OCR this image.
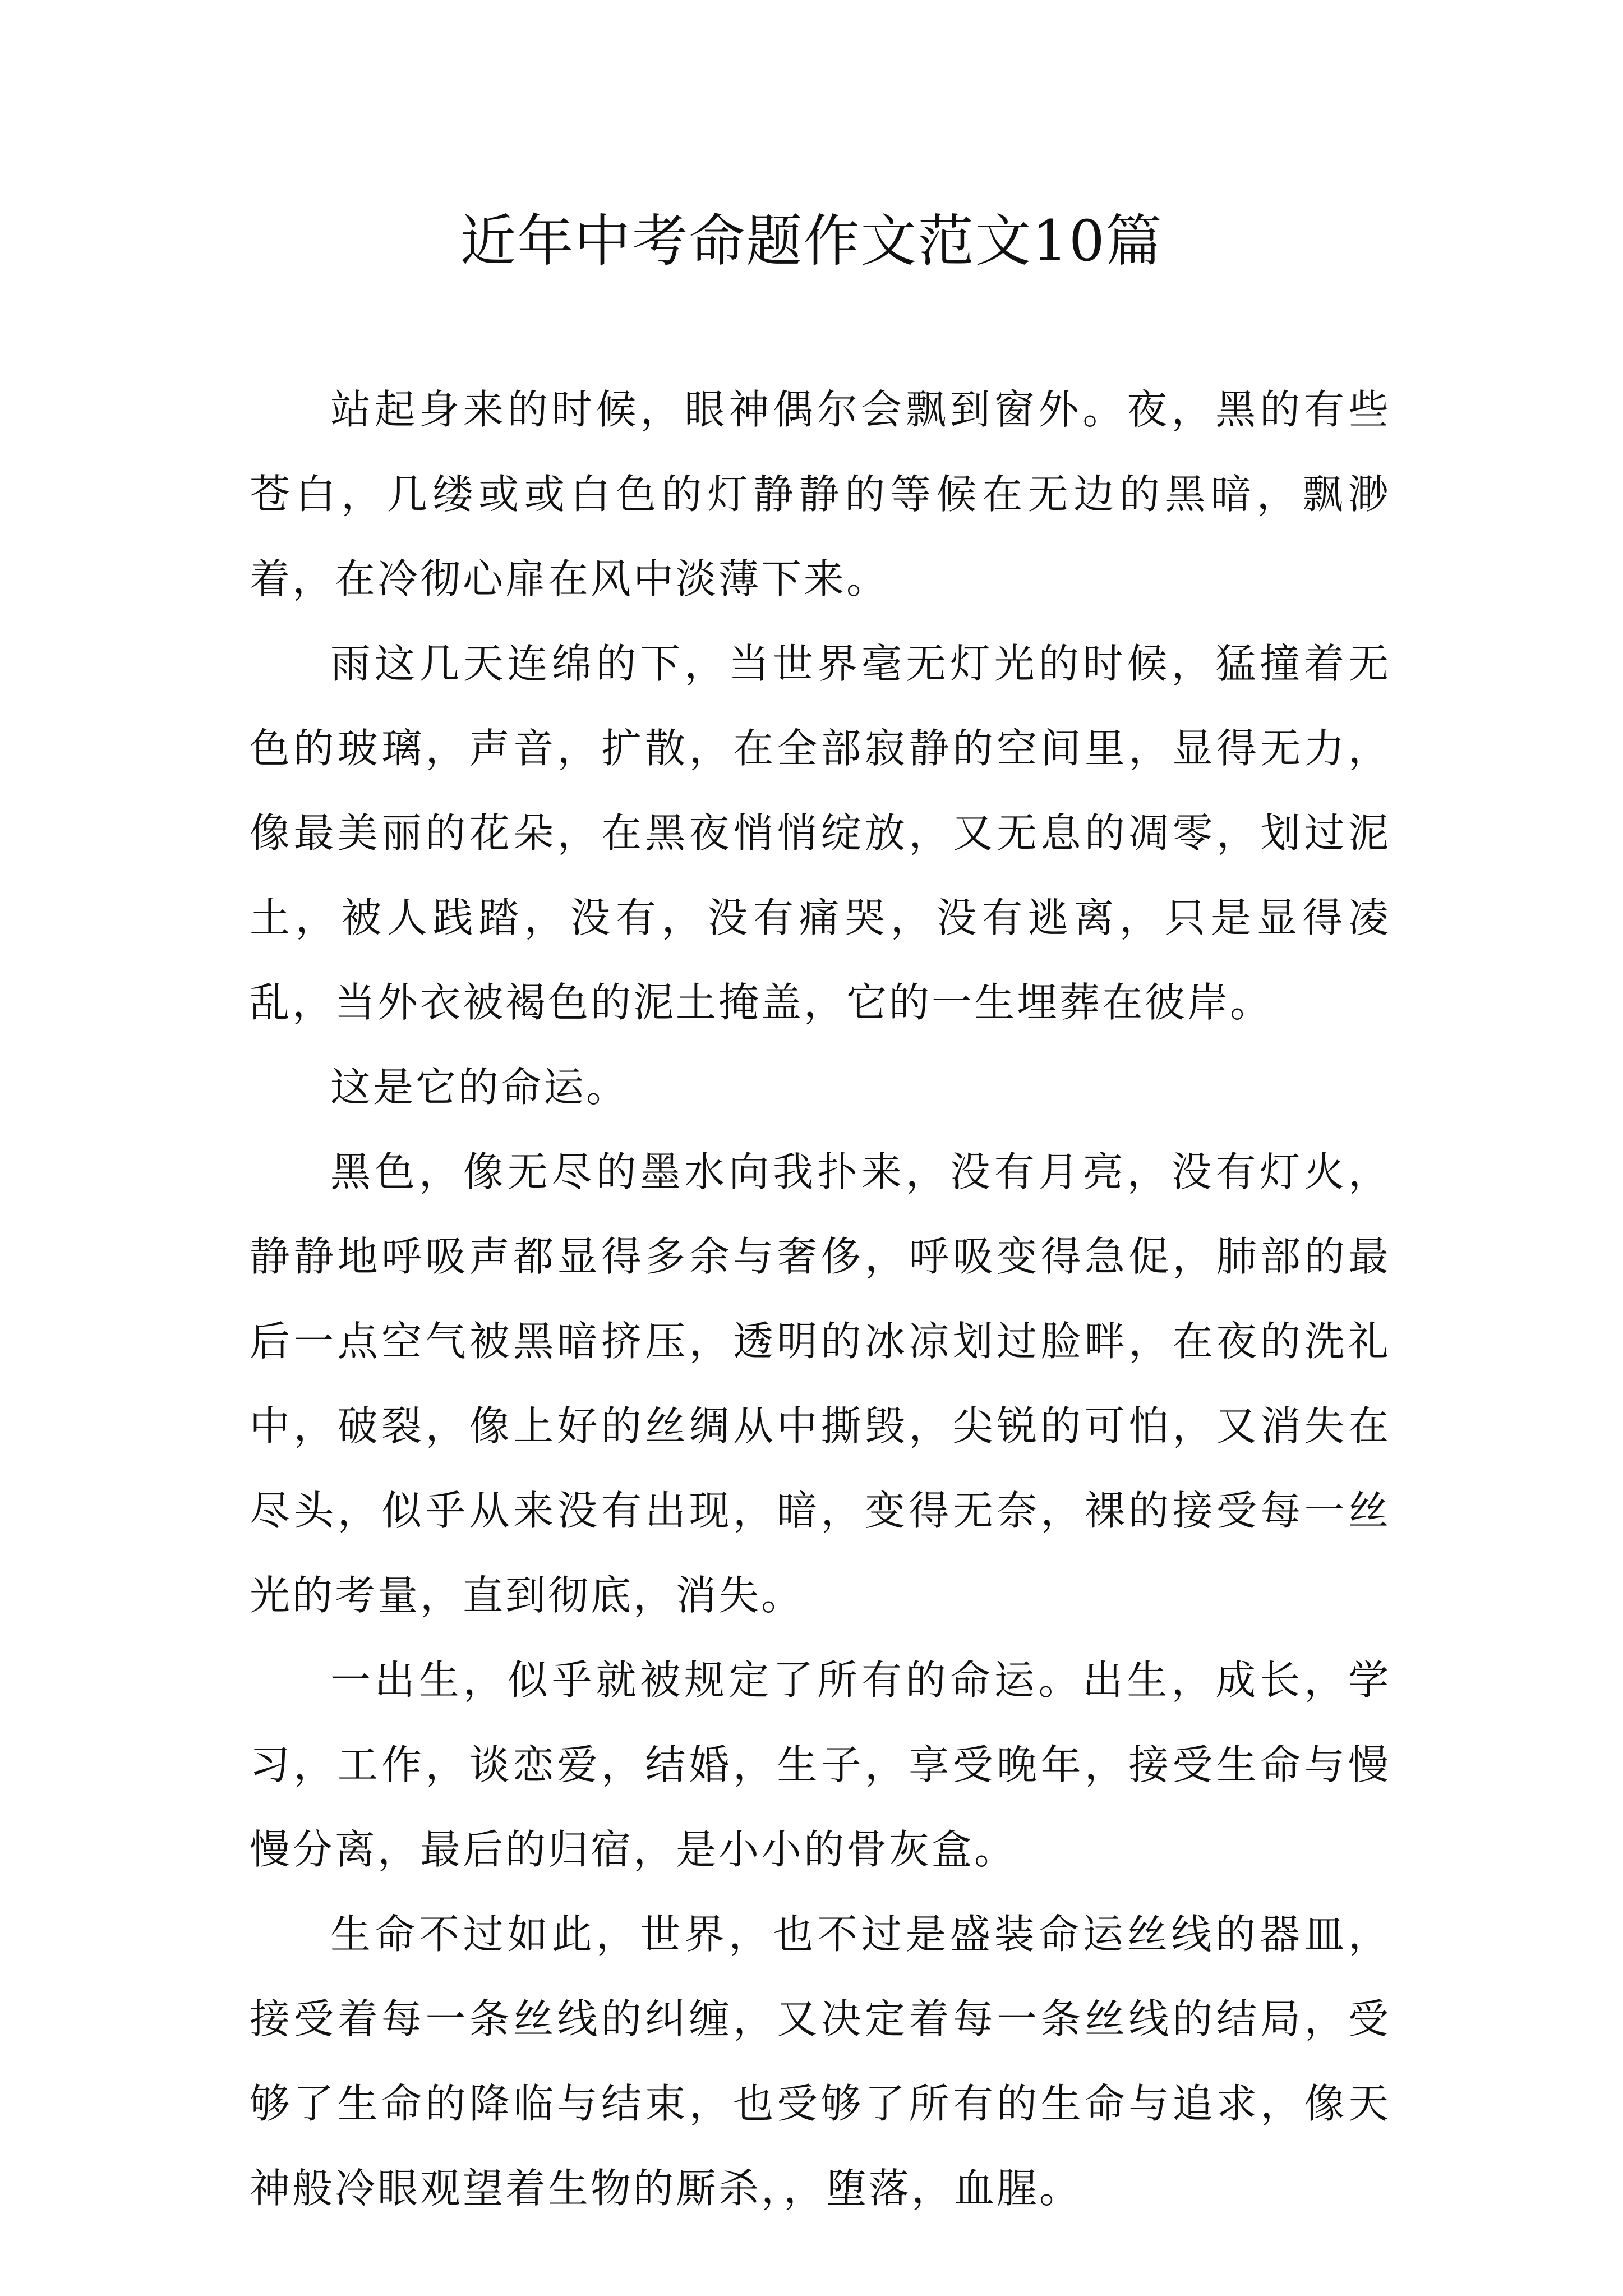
近年中考命题作文范文10篇

站起身来的时候，眼神偶尔会飘到窗外。夜，黑的有些苍白，几缕或或白色的灯静静的等候在无边的黑暗，飘渺着，在冷彻心扉在风中淡薄下来。

雨这几天连绵的下，当世界毫无灯光的时候，猛撞着无色的玻璃，声音，扩散，在全部寂静的空间里，显得无力，像最美丽的花朵，在黑夜悄悄绽放，又无息的凋零，划过泥土，被人践踏，没有，没有痛哭，没有逃离，只是显得凌乱，当外衣被褐色的泥土掩盖，它的一生埋葬在彼岸。

这是它的命运。

黑色，像无尽的墨水向我扑来，没有月亮，没有灯火，静静地呼吸声都显得多余与奢侈，呼吸变得急促，肺部的最后一点空气被黑暗挤压，透明的冰凉划过脸畔，在夜的洗礼中，破裂，像上好的丝绸从中撕毁，尖锐的可怕，又消失在尽头，似乎从来没有出现，暗，变得无奈，裸的接受每一丝光的考量，直到彻底，消失。

一出生，似乎就被规定了所有的命运。出生，成长，学习，工作，谈恋爱，结婚，生子，享受晚年，接受生命与慢慢分离，最后的归宿，是小小的骨灰盒。

生命不过如此，世界，也不过是盛装命运丝线的器皿，接受着每一条丝线的纠缠，又决定着每一条丝线的结局，受够了生命的降临与结束，也受够了所有的生命与追求，像天神般冷眼观望着生物的厮杀，，堕落，血腥。
